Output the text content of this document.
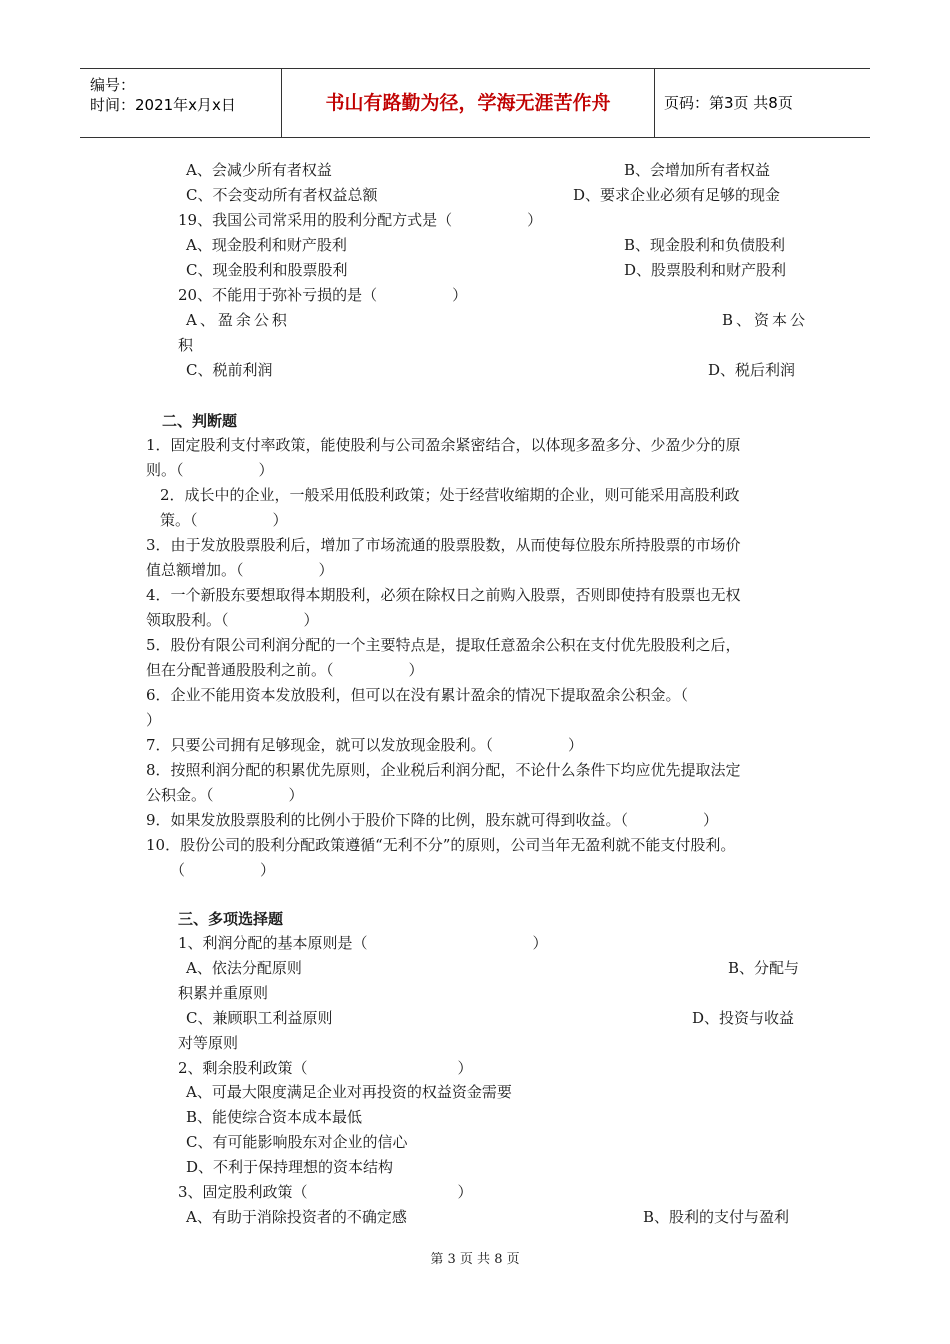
编号：
时间：2021年x月x日	书山有路勤为径，学海无涯苦作舟	页码：第3页 共8页
A、会减少所有者权益	B、会增加所有者权益
C、不会变动所有者权益总额	D、要求企业必须有足够的现金
19、我国公司常采用的股利分配方式是（　　　　　）
A、现金股利和财产股利	B、现金股利和负债股利
C、现金股利和股票股利	D、股票股利和财产股利
20、不能用于弥补亏损的是（　　　　　）
A、盈余公积	B、资本公
积
C、税前利润	D、税后利润
二、判断题
1．固定股利支付率政策，能使股利与公司盈余紧密结合，以体现多盈多分、少盈少分的原
则。（　　　　　）
2．成长中的企业，一般采用低股利政策；处于经营收缩期的企业，则可能采用高股利政
策。（　　　　　）
3．由于发放股票股利后，增加了市场流通的股票股数，从而使每位股东所持股票的市场价
值总额增加。（　　　　　）
4．一个新股东要想取得本期股利，必须在除权日之前购入股票，否则即使持有股票也无权
领取股利。（　　　　　）
5．股份有限公司利润分配的一个主要特点是，提取任意盈余公积在支付优先股股利之后，
但在分配普通股股利之前。（　　　　　）
6．企业不能用资本发放股利，但可以在没有累计盈余的情况下提取盈余公积金。（
）
7．只要公司拥有足够现金，就可以发放现金股利。（　　　　　）
8．按照利润分配的积累优先原则，企业税后利润分配，不论什么条件下均应优先提取法定
公积金。（　　　　　）
9．如果发放股票股利的比例小于股价下降的比例，股东就可得到收益。（　　　　　）
10．股份公司的股利分配政策遵循“无利不分”的原则，公司当年无盈利就不能支付股利。
（　　　　　）
三、多项选择题
1、利润分配的基本原则是（　　　　　　　　　　　）
A、依法分配原则	B、分配与
积累并重原则
C、兼顾职工利益原则	D、投资与收益
对等原则
2、剩余股利政策（　　　　　　　　　　）
A、可最大限度满足企业对再投资的权益资金需要
B、能使综合资本成本最低
C、有可能影响股东对企业的信心
D、不利于保持理想的资本结构
3、固定股利政策（　　　　　　　　　　）
A、有助于消除投资者的不确定感	B、股利的支付与盈利
第 3 页 共 8 页
